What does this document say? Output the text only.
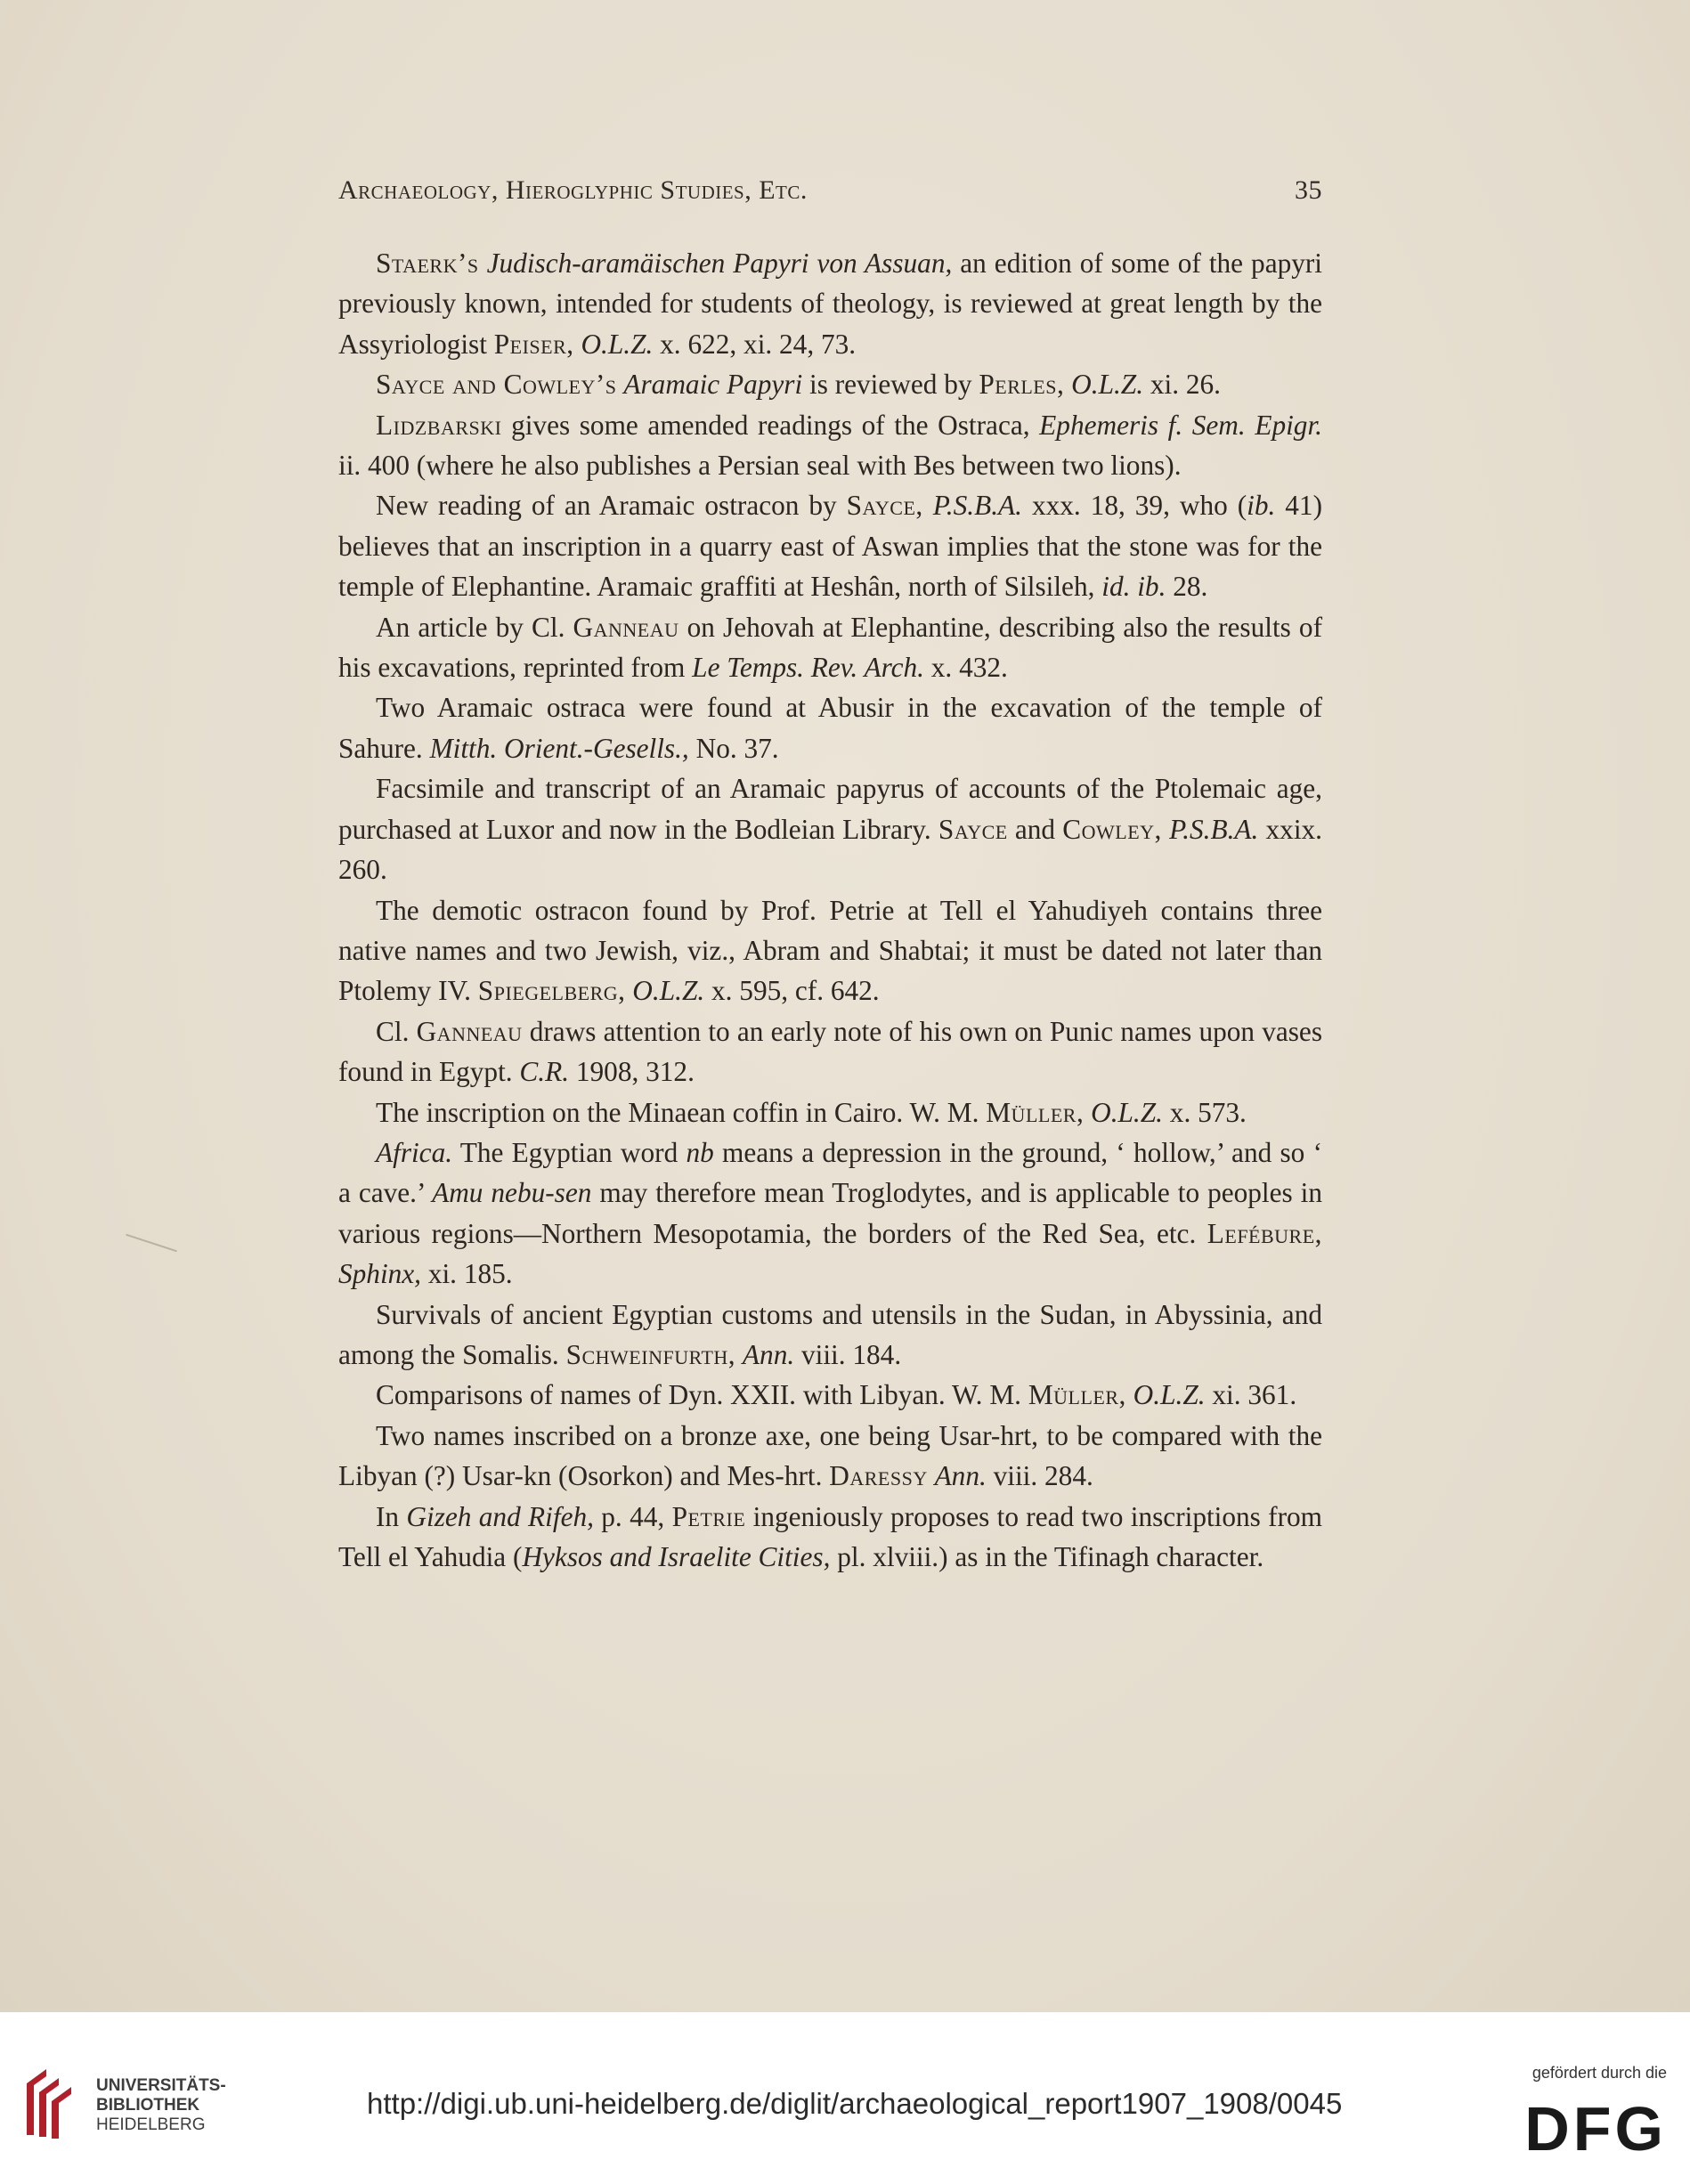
Archaeology, Hieroglyphic Studies, Etc.	35

Staerk’s Judisch-aramäischen Papyri von Assuan, an edition of some of the papyri previously known, intended for students of theology, is reviewed at great length by the Assyriologist Peiser, O.L.Z. x. 622, xi. 24, 73.

Sayce and Cowley’s Aramaic Papyri is reviewed by Perles, O.L.Z. xi. 26.

Lidzbarski gives some amended readings of the Ostraca, Ephemeris f. Sem. Epigr. ii. 400 (where he also publishes a Persian seal with Bes between two lions).

New reading of an Aramaic ostracon by Sayce, P.S.B.A. xxx. 18, 39, who (ib. 41) believes that an inscription in a quarry east of Aswan implies that the stone was for the temple of Elephantine. Aramaic graffiti at Heshân, north of Silsileh, id. ib. 28.

An article by Cl. Ganneau on Jehovah at Elephantine, describing also the results of his excavations, reprinted from Le Temps. Rev. Arch. x. 432.

Two Aramaic ostraca were found at Abusir in the excavation of the temple of Sahure. Mitth. Orient.-Gesells., No. 37.

Facsimile and transcript of an Aramaic papyrus of accounts of the Ptolemaic age, purchased at Luxor and now in the Bodleian Library. Sayce and Cowley, P.S.B.A. xxix. 260.

The demotic ostracon found by Prof. Petrie at Tell el Yahudiyeh contains three native names and two Jewish, viz., Abram and Shabtai; it must be dated not later than Ptolemy IV. Spiegelberg, O.L.Z. x. 595, cf. 642.

Cl. Ganneau draws attention to an early note of his own on Punic names upon vases found in Egypt. C.R. 1908, 312.

The inscription on the Minaean coffin in Cairo. W. M. Müller, O.L.Z. x. 573.

Africa. The Egyptian word nb means a depression in the ground, ‘ hollow,’ and so ‘ a cave.’ Amu nebu-sen may therefore mean Troglodytes, and is applicable to peoples in various regions—Northern Mesopotamia, the borders of the Red Sea, etc. Lefébure, Sphinx, xi. 185.

Survivals of ancient Egyptian customs and utensils in the Sudan, in Abyssinia, and among the Somalis. Schweinfurth, Ann. viii. 184.

Comparisons of names of Dyn. XXII. with Libyan. W. M. Müller, O.L.Z. xi. 361.

Two names inscribed on a bronze axe, one being Usar-hrt, to be compared with the Libyan (?) Usar-kn (Osorkon) and Mes-hrt. Daressy Ann. viii. 284.

In Gizeh and Rifeh, p. 44, Petrie ingeniously proposes to read two inscriptions from Tell el Yahudia (Hyksos and Israelite Cities, pl. xlviii.) as in the Tifinagh character.

UNIVERSITÄTS-
BIBLIOTHEK
HEIDELBERG
http://digi.ub.uni-heidelberg.de/diglit/archaeological_report1907_1908/0045
gefördert durch die
DFG
